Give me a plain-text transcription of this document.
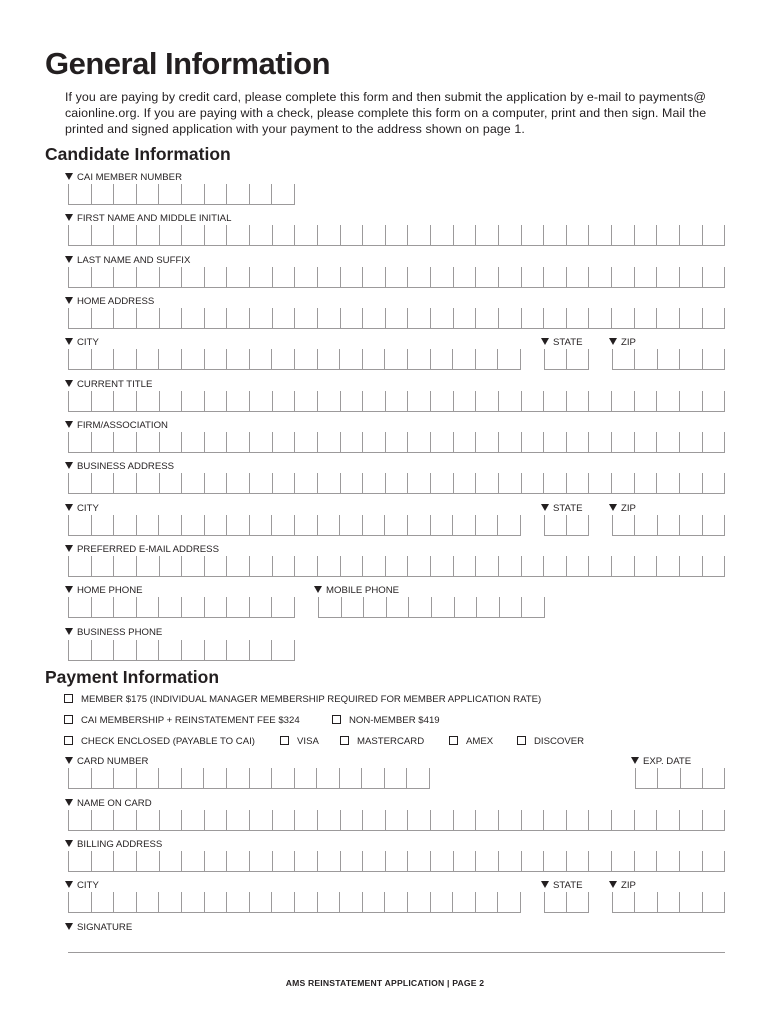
General Information

If you are paying by credit card, please complete this form and then submit the application by e-mail to payments@ caionline.org. If you are paying with a check, please complete this form on a computer, print and then sign. Mail the printed and signed application with your payment to the address shown on page 1.

Candidate Information
CAI MEMBER NUMBER
FIRST NAME AND MIDDLE INITIAL
LAST NAME AND SUFFIX
HOME ADDRESS
CITY	STATE	ZIP
CURRENT TITLE
FIRM/ASSOCIATION
BUSINESS ADDRESS
CITY	STATE	ZIP
PREFERRED E-MAIL ADDRESS
HOME PHONE	MOBILE PHONE
BUSINESS PHONE
Payment Information
MEMBER $175 (INDIVIDUAL MANAGER MEMBERSHIP REQUIRED FOR MEMBER APPLICATION RATE)
CAI MEMBERSHIP + REINSTATEMENT FEE $324	NON-MEMBER $419
CHECK ENCLOSED (PAYABLE TO CAI)	VISA	MASTERCARD	AMEX	DISCOVER
CARD NUMBER	EXP. DATE
NAME ON CARD
BILLING ADDRESS
CITY	STATE	ZIP
SIGNATURE
AMS REINSTATEMENT APPLICATION | PAGE 2
